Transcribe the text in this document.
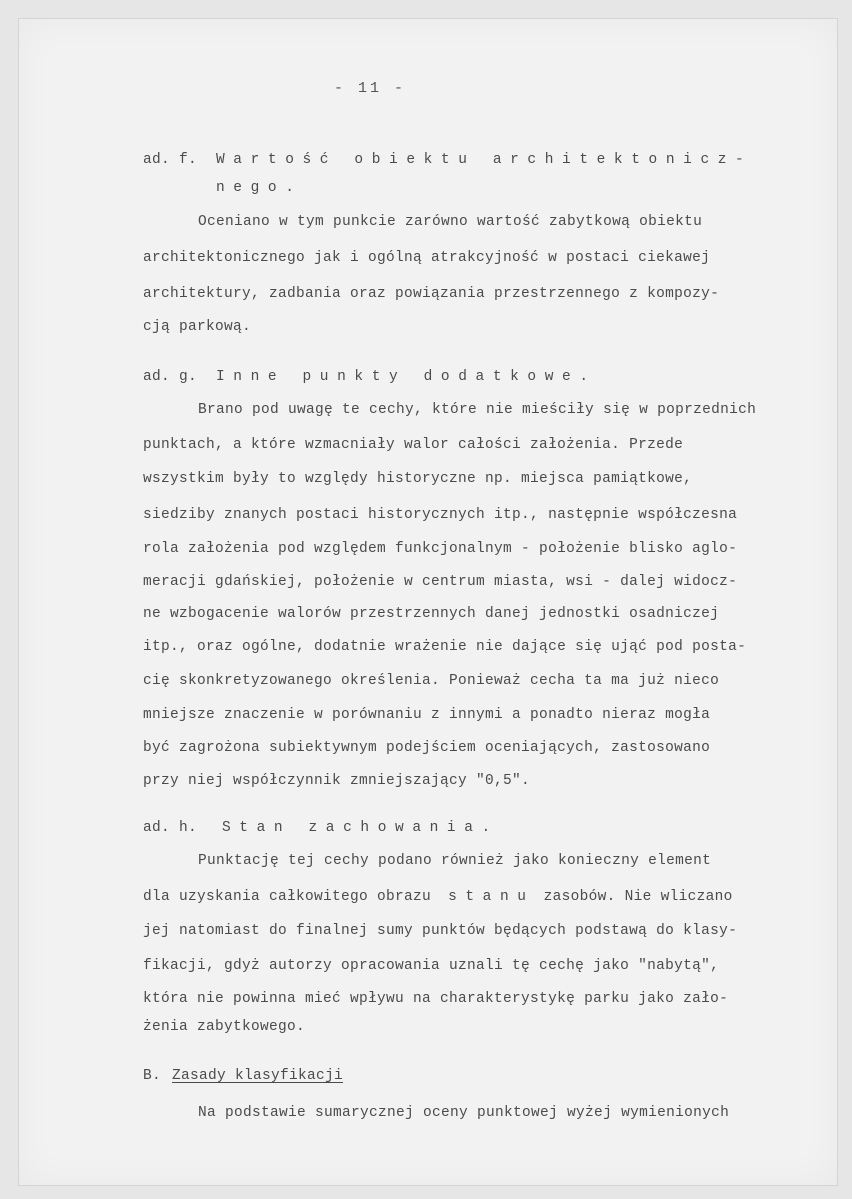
- 11 -
ad. f. Wartość obiektu architektonicz-
nego.
Oceniano w tym punkcie zarówno wartość zabytkową obiektu
architektonicznego jak i ogólną atrakcyjność w postaci ciekawej
architektury, zadbania oraz powiązania przestrzennego z kompozy-
cją parkową.
ad. g. Inne punkty dodatkowe.
Brano pod uwagę te cechy, które nie mieściły się w poprzednich
punktach, a które wzmacniały walor całości założenia. Przede
wszystkim były to względy historyczne np. miejsca pamiątkowe,
siedziby znanych postaci historycznych itp., następnie współczesna
rola założenia pod względem funkcjonalnym - położenie blisko aglo-
meracji gdańskiej, położenie w centrum miasta, wsi - dalej widocz-
ne wzbogacenie walorów przestrzennych danej jednostki osadniczej
itp., oraz ogólne, dodatnie wrażenie nie dające się ująć pod posta-
cię skonkretyzowanego określenia. Ponieważ cecha ta ma już nieco
mniejsze znaczenie w porównaniu z innymi a ponadto nieraz mogła
być zagrożona subiektywnym podejściem oceniających, zastosowano
przy niej współczynnik zmniejszający "0,5".
ad. h. Stan zachowania.
Punktację tej cechy podano również jako konieczny element
dla uzyskania całkowitego obrazu stanu zasobów. Nie wliczano
jej natomiast do finalnej sumy punktów będących podstawą do klasy-
fikacji, gdyż autorzy opracowania uznali tę cechę jako "nabytą",
która nie powinna mieć wpływu na charakterystykę parku jako zało-
żenia zabytkowego.
B. Zasady klasyfikacji
Na podstawie sumarycznej oceny punktowej wyżej wymienionych
